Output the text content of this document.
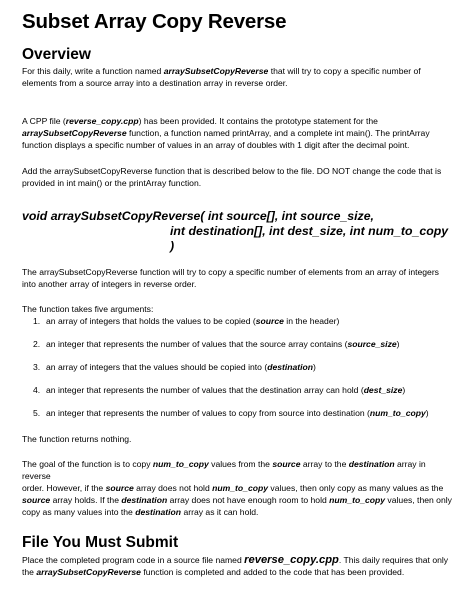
Subset Array Copy Reverse
Overview

For this daily, write a function named arraySubsetCopyReverse that will try to copy a specific number of
elements from a source array into a destination array in reverse order.

A CPP file (reverse_copy.cpp) has been provided. It contains the prototype statement for the
arraySubsetCopyReverse function, a function named printArray, and a complete int main(). The printArray
function displays a specific number of values in an array of doubles with 1 digit after the decimal point.

Add the arraySubsetCopyReverse function that is described below to the file. DO NOT change the code that is
provided in int main() or the printArray function.

void arraySubsetCopyReverse( int source[], int source_size,

int destination[], int dest_size, int num_to_copy )

The arraySubsetCopyReverse function will try to copy a specific number of elements from an array of integers
into another array of integers in reverse order.

The function takes five arguments:

1. an array of integers that holds the values to be copied (source in the header)
2. an integer that represents the number of values that the source array contains (source_size)
3. an array of integers that the values should be copied into (destination)
4. an integer that represents the number of values that the destination array can hold (dest_size)
5. an integer that represents the number of values to copy from source into destination (num_to_copy)

The function returns nothing.

The goal of the function is to copy num_to_copy values from the source array to the destination array in reverse
order. However, if the source array does not hold num_to_copy values, then only copy as many values as the
source array holds. If the destination array does not have enough room to hold num_to_copy values, then only
copy as many values into the destination array as it can hold.

File You Must Submit

Place the completed program code in a source file named reverse_copy.cpp. This daily requires that only
the arraySubsetCopyReverse function is completed and added to the code that has been provided.
